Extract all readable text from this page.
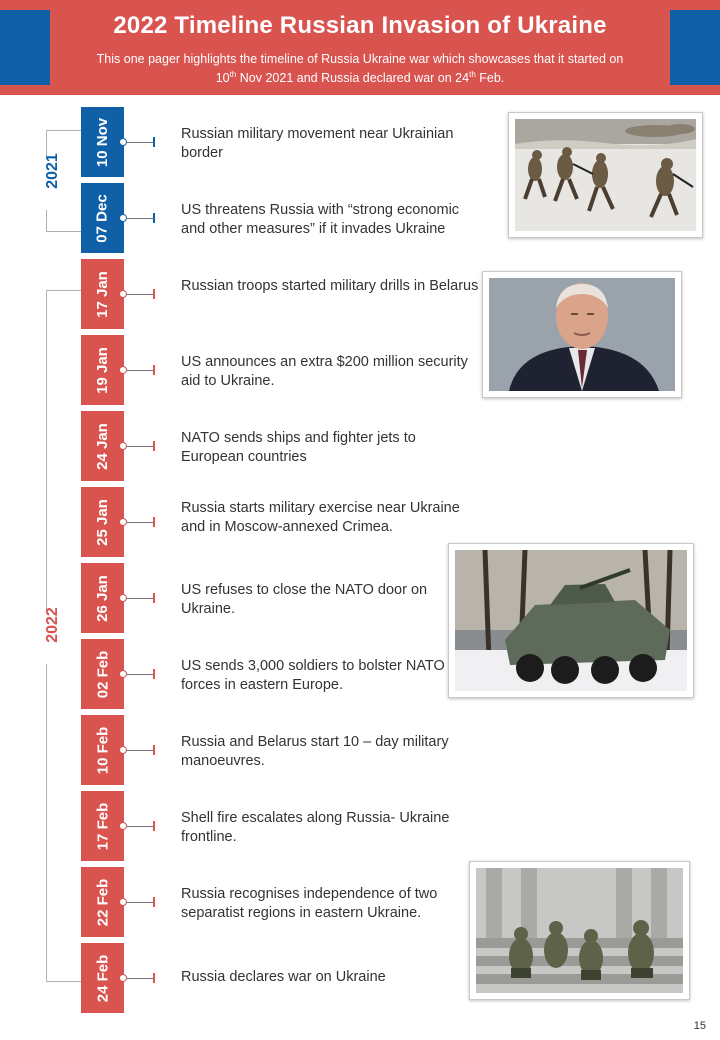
2022 Timeline Russian Invasion of Ukraine
This one pager highlights the timeline of Russia Ukraine war which showcases that it started on 10th Nov 2021 and Russia declared war on 24th Feb.
2021
2022
10 Nov	Russian military movement near Ukrainian border
07 Dec	US threatens Russia with “strong economic and other measures” if it invades Ukraine
17 Jan	Russian troops started military drills in Belarus
19 Jan	US announces an extra $200 million security aid to Ukraine.
24 Jan	NATO sends ships and fighter jets to European countries
25 Jan	Russia starts military exercise near Ukraine and in Moscow-annexed Crimea.
26 Jan	US refuses to close the NATO door on Ukraine.
02 Feb	US sends 3,000 soldiers to bolster NATO forces in eastern Europe.
10 Feb	Russia and Belarus start 10 – day military manoeuvres.
17 Feb	Shell fire escalates along Russia- Ukraine frontline.
22 Feb	Russia recognises independence of two separatist regions in eastern Ukraine.
24 Feb	Russia declares war on Ukraine
15
